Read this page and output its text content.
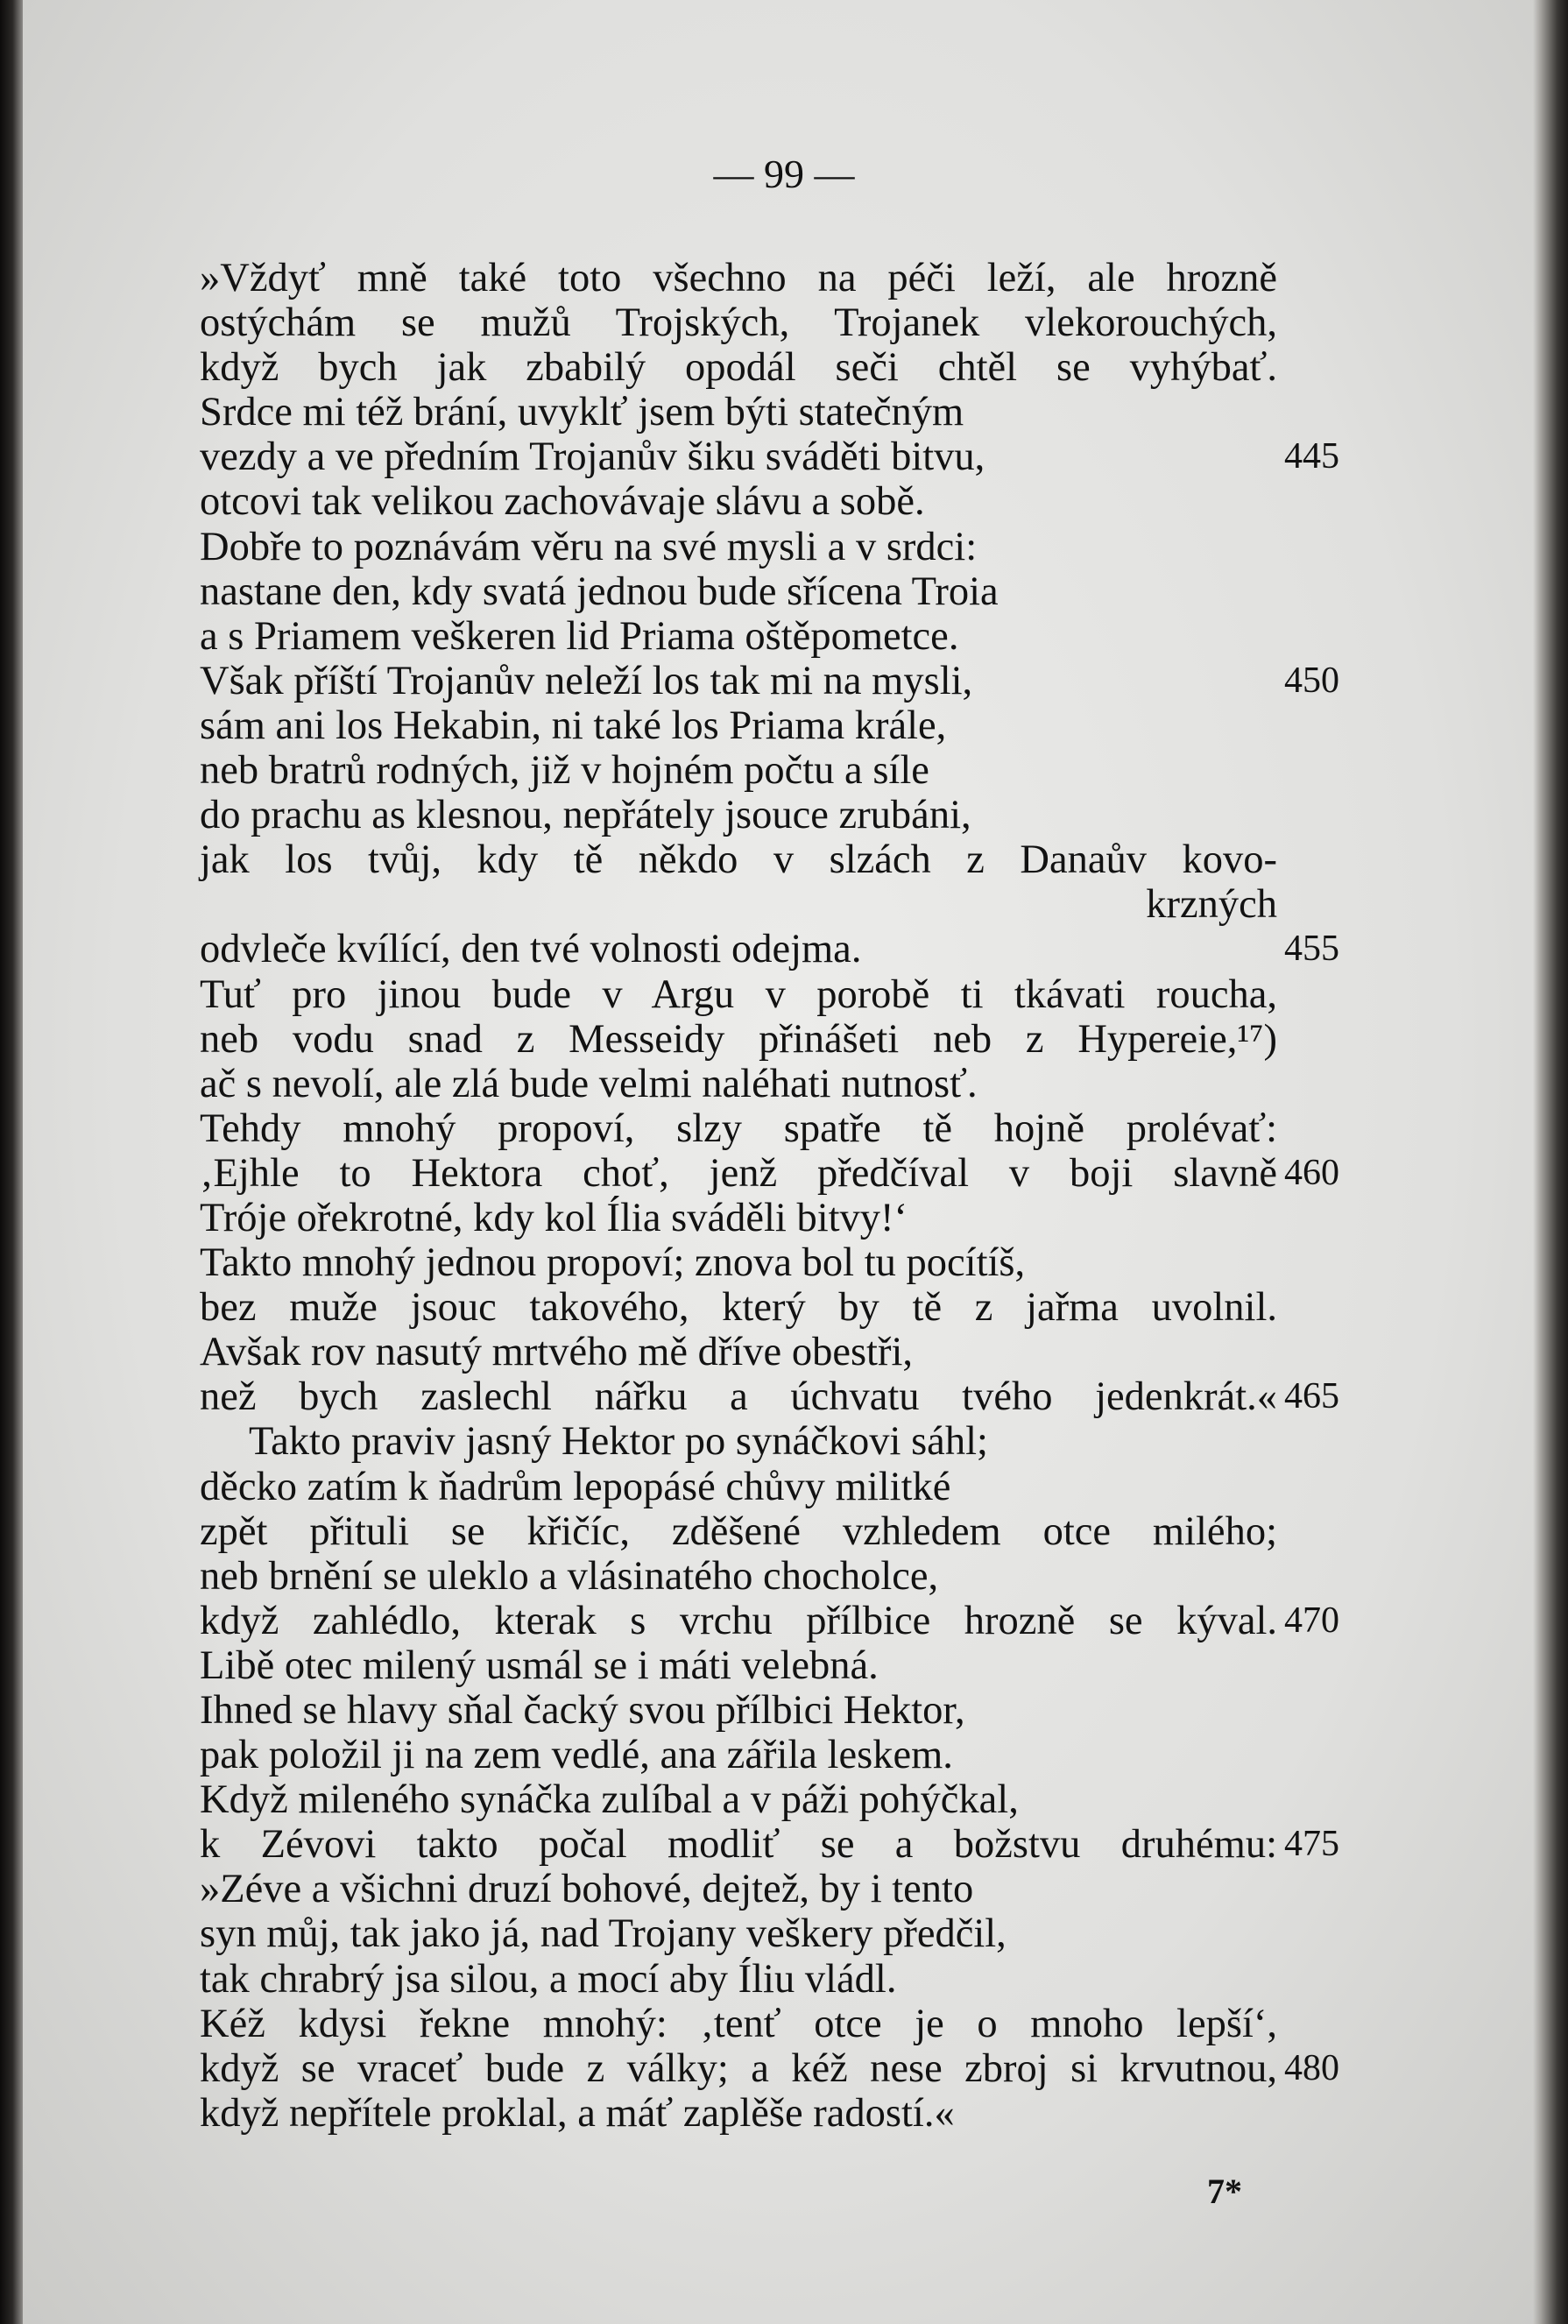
— 99 —
»Vždyť mně také toto všechno na péči leží, ale hrozně
ostýchám se mužů Trojských, Trojanek vlekorouchých,
když bych jak zbabilý opodál seči chtěl se vyhýbať.
Srdce mi též brání, uvyklť jsem býti statečným
vezdy a ve předním Trojanův šiku sváděti bitvu,	445
otcovi tak velikou zachovávaje slávu a sobě.
Dobře to poznávám věru na své mysli a v srdci:
nastane den, kdy svatá jednou bude sřícena Troia
a s Priamem veškeren lid Priama oštěpometce.
Však příští Trojanův neleží los tak mi na mysli,	450
sám ani los Hekabin, ni také los Priama krále,
neb bratrů rodných, již v hojném počtu a síle
do prachu as klesnou, nepřátely jsouce zrubáni,
jak los tvůj, kdy tě někdo v slzách z Danaův kovo-
krzných
odvleče kvílící, den tvé volnosti odejma.	455
Tuť pro jinou bude v Argu v porobě ti tkávati roucha,
neb vodu snad z Messeidy přinášeti neb z Hypereie,¹⁷)
ač s nevolí, ale zlá bude velmi naléhati nutnosť.
Tehdy mnohý propoví, slzy spatře tě hojně prolévať:
‚Ejhle to Hektora choť, jenž předčíval v boji slavně 460
Tróje ořekrotné, kdy kol Ília sváděli bitvy!‘
Takto mnohý jednou propoví; znova bol tu pocítíš,
bez muže jsouc takového, který by tě z jařma uvolnil.
Avšak rov nasutý mrtvého mě dříve obestři,
než bych zaslechl nářku a úchvatu tvého jedenkrát.« 465
Takto praviv jasný Hektor po synáčkovi sáhl;
děcko zatím k ňadrům lepopásé chůvy militké
zpět přituli se křičíc, zděšené vzhledem otce milého;
neb brnění se uleklo a vlásinatého chocholce,
když zahlédlo, kterak s vrchu přílbice hrozně se kýval. 470
Libě otec milený usmál se i máti velebná.
Ihned se hlavy sňal čacký svou přílbici Hektor,
pak položil ji na zem vedlé, ana zářila leskem.
Když mileného synáčka zulíbal a v páži pohýčkal,
k Zévovi takto počal modliť se a božstvu druhému: 475
»Zéve a všichni druzí bohové, dejtež, by i tento
syn můj, tak jako já, nad Trojany veškery předčil,
tak chrabrý jsa silou, a mocí aby Íliu vládl.
Kéž kdysi řekne mnohý: ‚tenť otce je o mnoho lepší‘,
když se vraceť bude z války; a kéž nese zbroj si krvutnou, 480
když nepřítele proklal, a máť zaplěše radostí.«
7*
